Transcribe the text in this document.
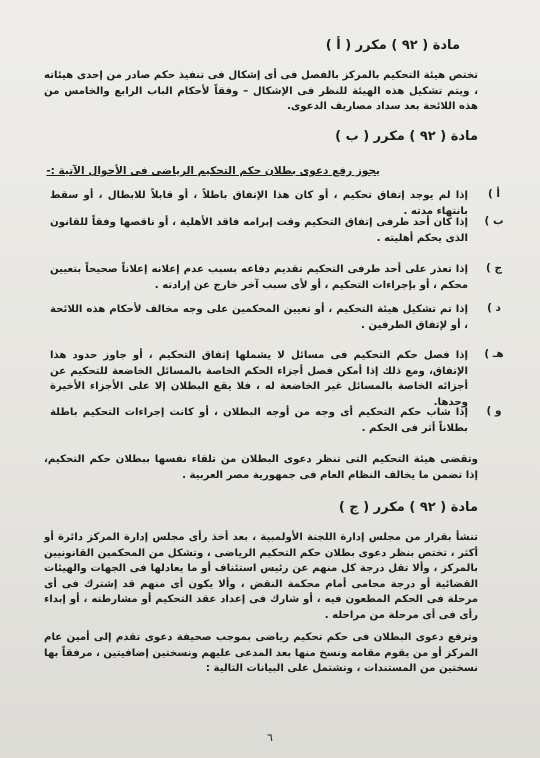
مادة ( ٩٢ ) مكرر ( أ )
تختص هيئة التحكيم بالمركز بالفصل فى أى إشكال فى تنفيذ حكم صادر من إحدى هيئاته ، ويتم تشكيل هذه الهيئة للنظر فى الإشكال – وفقاً لأحكام الباب الرابع والخامس من هذه اللائحة بعد سداد مصاريف الدعوى.
مادة ( ٩٢ ) مكرر ( ب )
يجوز رفع دعوى بطلان حكم التحكيم الرياضى فى الأحوال الآتية :-
أ )
إذا لم يوجد إتفاق تحكيم ، أو كان هذا الإتفاق باطلاً ، أو قابلاً للابطال ، أو سقط بانتهاء مدته .
ب )
إذا كان أحد طرفى إتفاق التحكيم وقت إبرامه فاقد الأهلية ، أو ناقصها وفقاً للقانون الذى يحكم أهليته .
ج )
إذا تعذر على أحد طرفى التحكيم تقديم دفاعه بسبب عدم إعلانه إعلاناً صحيحاً بتعيين محكم ، أو بإجراءات التحكيم ، أو لأى سبب آخر خارج عن إرادته .
د )
إذا تم تشكيل هيئة التحكيم ، أو تعيين المحكمين على وجه مخالف لأحكام هذه اللائحة ، أو لإتفاق الطرفين .
هـ )
إذا فصل حكم التحكيم فى مسائل لا يشملها إتفاق التحكيم ، أو جاوز حدود هذا الإتفاق، ومع ذلك إذا أمكن فصل أجزاء الحكم الخاصة بالمسائل الخاضعة للتحكيم عن أجزائه الخاصة بالمسائل غير الخاضعة له ، فلا يقع البطلان إلا على الأجزاء الأخيرة وحدها.
و )
إذا شاب حكم التحكيم أى وجه من أوجه البطلان ، أو كانت إجراءات التحكيم باطلة بطلاناً أثر فى الحكم .
وتقضى هيئة التحكيم التى تنظر دعوى البطلان من تلقاء نفسها ببطلان حكم التحكيم، إذا تضمن ما يخالف النظام العام فى جمهورية مصر العربية .
مادة ( ٩٢ ) مكرر ( ج )
تنشأ بقرار من مجلس إدارة اللجنة الأولمبية ، بعد أخذ رأى مجلس إدارة المركز دائرة أو أكثر ، تختص بنظر دعوى بطلان حكم التحكيم الرياضى ، وتشكل من المحكمين القانونيين بالمركز ، وألا تقل درجة كل منهم عن رئيس استئناف أو ما يعادلها فى الجهات والهيئات القضائية أو درجة محامى أمام محكمة النقض ، وألا يكون أى منهم قد إشترك فى أى مرحلة فى الحكم المطعون فيه ، أو شارك فى إعداد عقد التحكيم أو مشارطته ، أو إبداء رأى فى أى مرحلة من مراحله .
وترفع دعوى البطلان فى حكم تحكيم رياضى بموجب صحيفة دعوى تقدم إلى أمين عام المركز أو من يقوم مقامه ونسخ منها بعد المدعى عليهم ونسختين إضافيتين ، مرفقاً بها نسختين من المستندات ، وتشتمل على البيانات التالية :
٦
